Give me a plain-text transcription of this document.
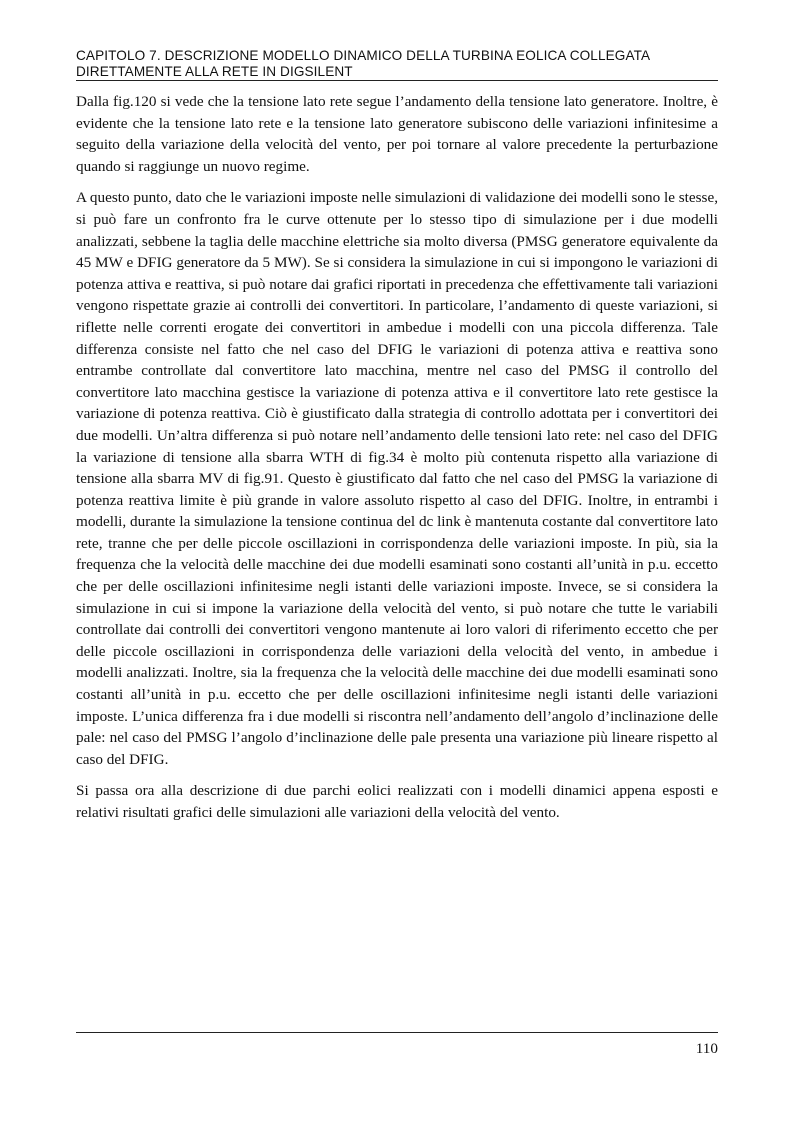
CAPITOLO 7. DESCRIZIONE MODELLO DINAMICO DELLA TURBINA EOLICA COLLEGATA
DIRETTAMENTE ALLA RETE IN DIGSILENT

Dalla fig.120 si vede che la tensione lato rete segue l’andamento della tensione lato generatore. Inoltre, è evidente che la tensione lato rete e la tensione lato generatore subiscono delle variazioni infinitesime a seguito della variazione della velocità del vento, per poi tornare al valore precedente la perturbazione quando si raggiunge un nuovo regime.

A questo punto, dato che le variazioni imposte nelle simulazioni di validazione dei modelli sono le stesse, si può fare un confronto fra le curve ottenute per lo stesso tipo di simulazione per i due modelli analizzati, sebbene la taglia delle macchine elettriche sia molto diversa (PMSG generatore equivalente da 45 MW e DFIG generatore da 5 MW). Se si considera la simulazione in cui si impongono le variazioni di potenza attiva e reattiva, si può notare dai grafici riportati in precedenza che effettivamente tali variazioni vengono rispettate grazie ai controlli dei convertitori. In particolare, l’andamento di queste variazioni, si riflette nelle correnti erogate dei convertitori in ambedue i modelli con una piccola differenza. Tale differenza consiste nel fatto che nel caso del DFIG le variazioni di potenza attiva e reattiva sono entrambe controllate dal convertitore lato macchina, mentre nel caso del PMSG il controllo del convertitore lato macchina gestisce la variazione di potenza attiva e il convertitore lato rete gestisce la variazione di potenza reattiva. Ciò è giustificato dalla strategia di controllo adottata per i convertitori dei due modelli. Un’altra differenza si può notare nell’andamento delle tensioni lato rete: nel caso del DFIG la variazione di tensione alla sbarra WTH di fig.34 è molto più contenuta rispetto alla variazione di tensione alla sbarra MV di fig.91. Questo è giustificato dal fatto che nel caso del PMSG la variazione di potenza reattiva limite è più grande in valore assoluto rispetto al caso del DFIG. Inoltre, in entrambi i modelli, durante la simulazione la tensione continua del dc link è mantenuta costante dal convertitore lato rete, tranne che per delle piccole oscillazioni in corrispondenza delle variazioni imposte. In più, sia la frequenza che la velocità delle macchine dei due modelli esaminati sono costanti all’unità in p.u. eccetto che per delle oscillazioni infinitesime negli istanti delle variazioni imposte. Invece, se si considera la simulazione in cui si impone la variazione della velocità del vento, si può notare che tutte le variabili controllate dai controlli dei convertitori vengono mantenute ai loro valori di riferimento eccetto che per delle piccole oscillazioni in corrispondenza delle variazioni della velocità del vento, in ambedue i modelli analizzati. Inoltre, sia la frequenza che la velocità delle macchine dei due modelli esaminati sono costanti all’unità in p.u. eccetto che per delle oscillazioni infinitesime negli istanti delle variazioni imposte. L’unica differenza fra i due modelli si riscontra nell’andamento dell’angolo d’inclinazione delle pale: nel caso del PMSG l’angolo d’inclinazione delle pale presenta una variazione più lineare rispetto al caso del DFIG.

Si passa ora alla descrizione di due parchi eolici realizzati con i modelli dinamici appena esposti e relativi risultati grafici delle simulazioni alle variazioni della velocità del vento.

110
